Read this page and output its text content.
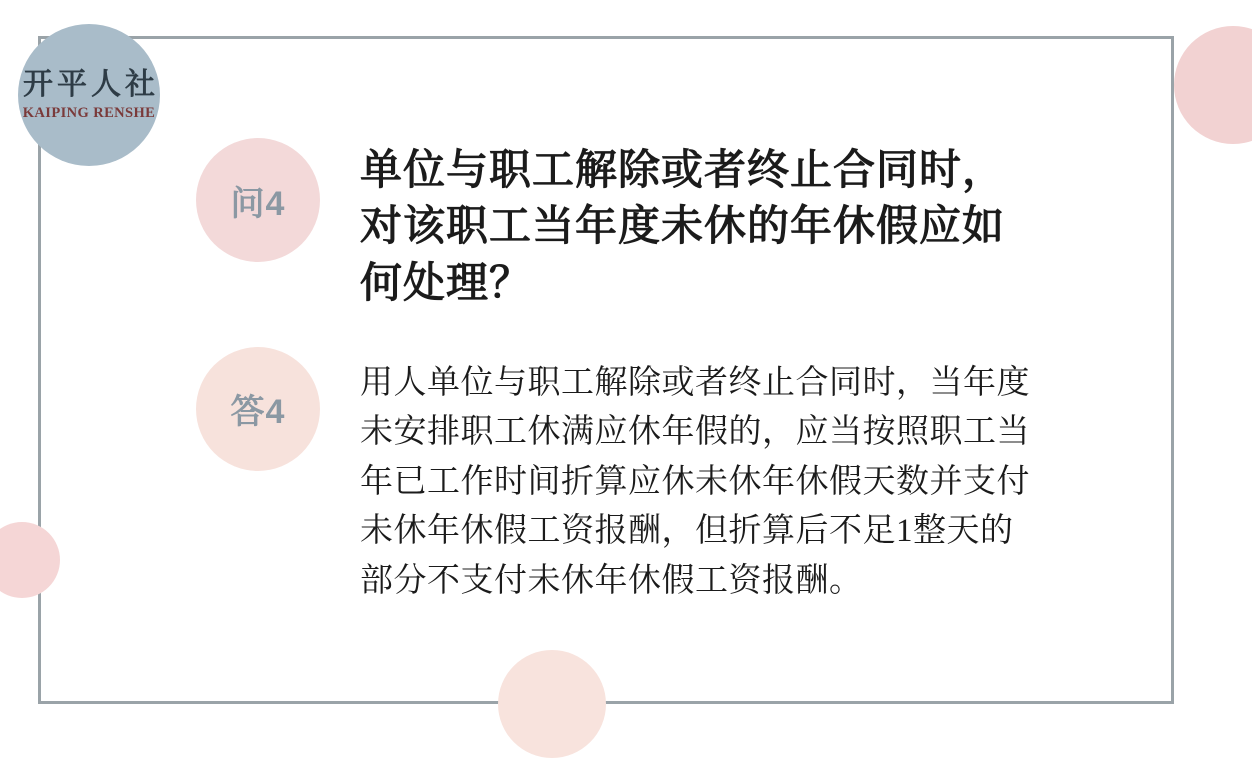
开平人社
KAIPING RENSHE
问4
单位与职工解除或者终止合同时，对该职工当年度未休的年休假应如何处理？
答4
用人单位与职工解除或者终止合同时，当年度未安排职工休满应休年假的，应当按照职工当年已工作时间折算应休未休年休假天数并支付未休年休假工资报酬，但折算后不足1整天的部分不支付未休年休假工资报酬。
